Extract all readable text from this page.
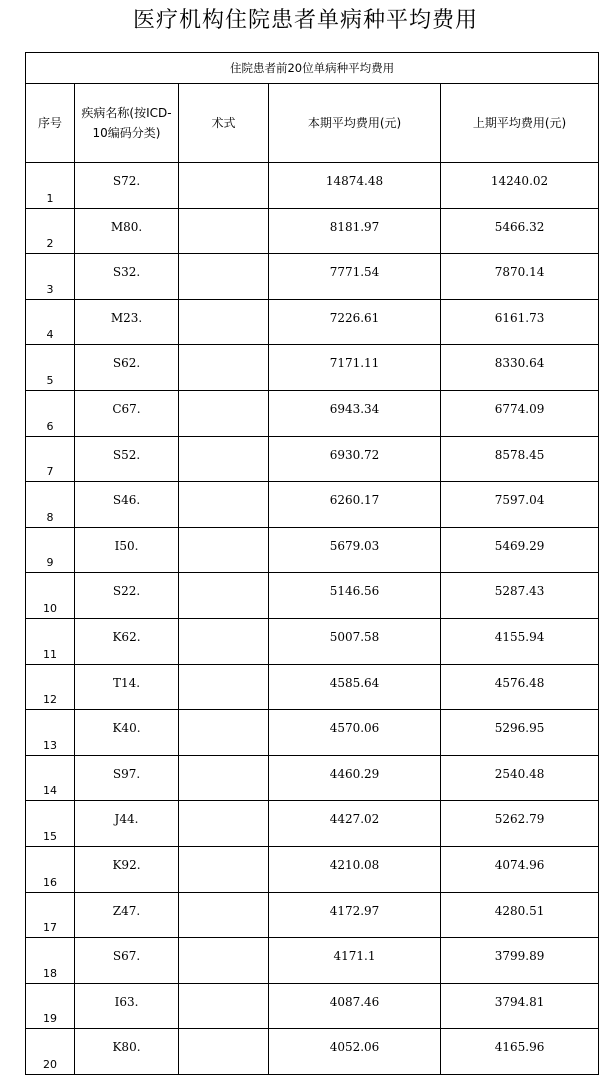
医疗机构住院患者单病种平均费用
住院患者前20位单病种平均费用				
序号	疾病名称(按ICD-10编码分类)	术式	本期平均费用(元)	上期平均费用(元)
1	S72.		14874.48	14240.02
2	M80.		8181.97	5466.32
3	S32.		7771.54	7870.14
4	M23.		7226.61	6161.73
5	S62.		7171.11	8330.64
6	C67.		6943.34	6774.09
7	S52.		6930.72	8578.45
8	S46.		6260.17	7597.04
9	I50.		5679.03	5469.29
10	S22.		5146.56	5287.43
11	K62.		5007.58	4155.94
12	T14.		4585.64	4576.48
13	K40.		4570.06	5296.95
14	S97.		4460.29	2540.48
15	J44.		4427.02	5262.79
16	K92.		4210.08	4074.96
17	Z47.		4172.97	4280.51
18	S67.		4171.1	3799.89
19	I63.		4087.46	3794.81
20	K80.		4052.06	4165.96
